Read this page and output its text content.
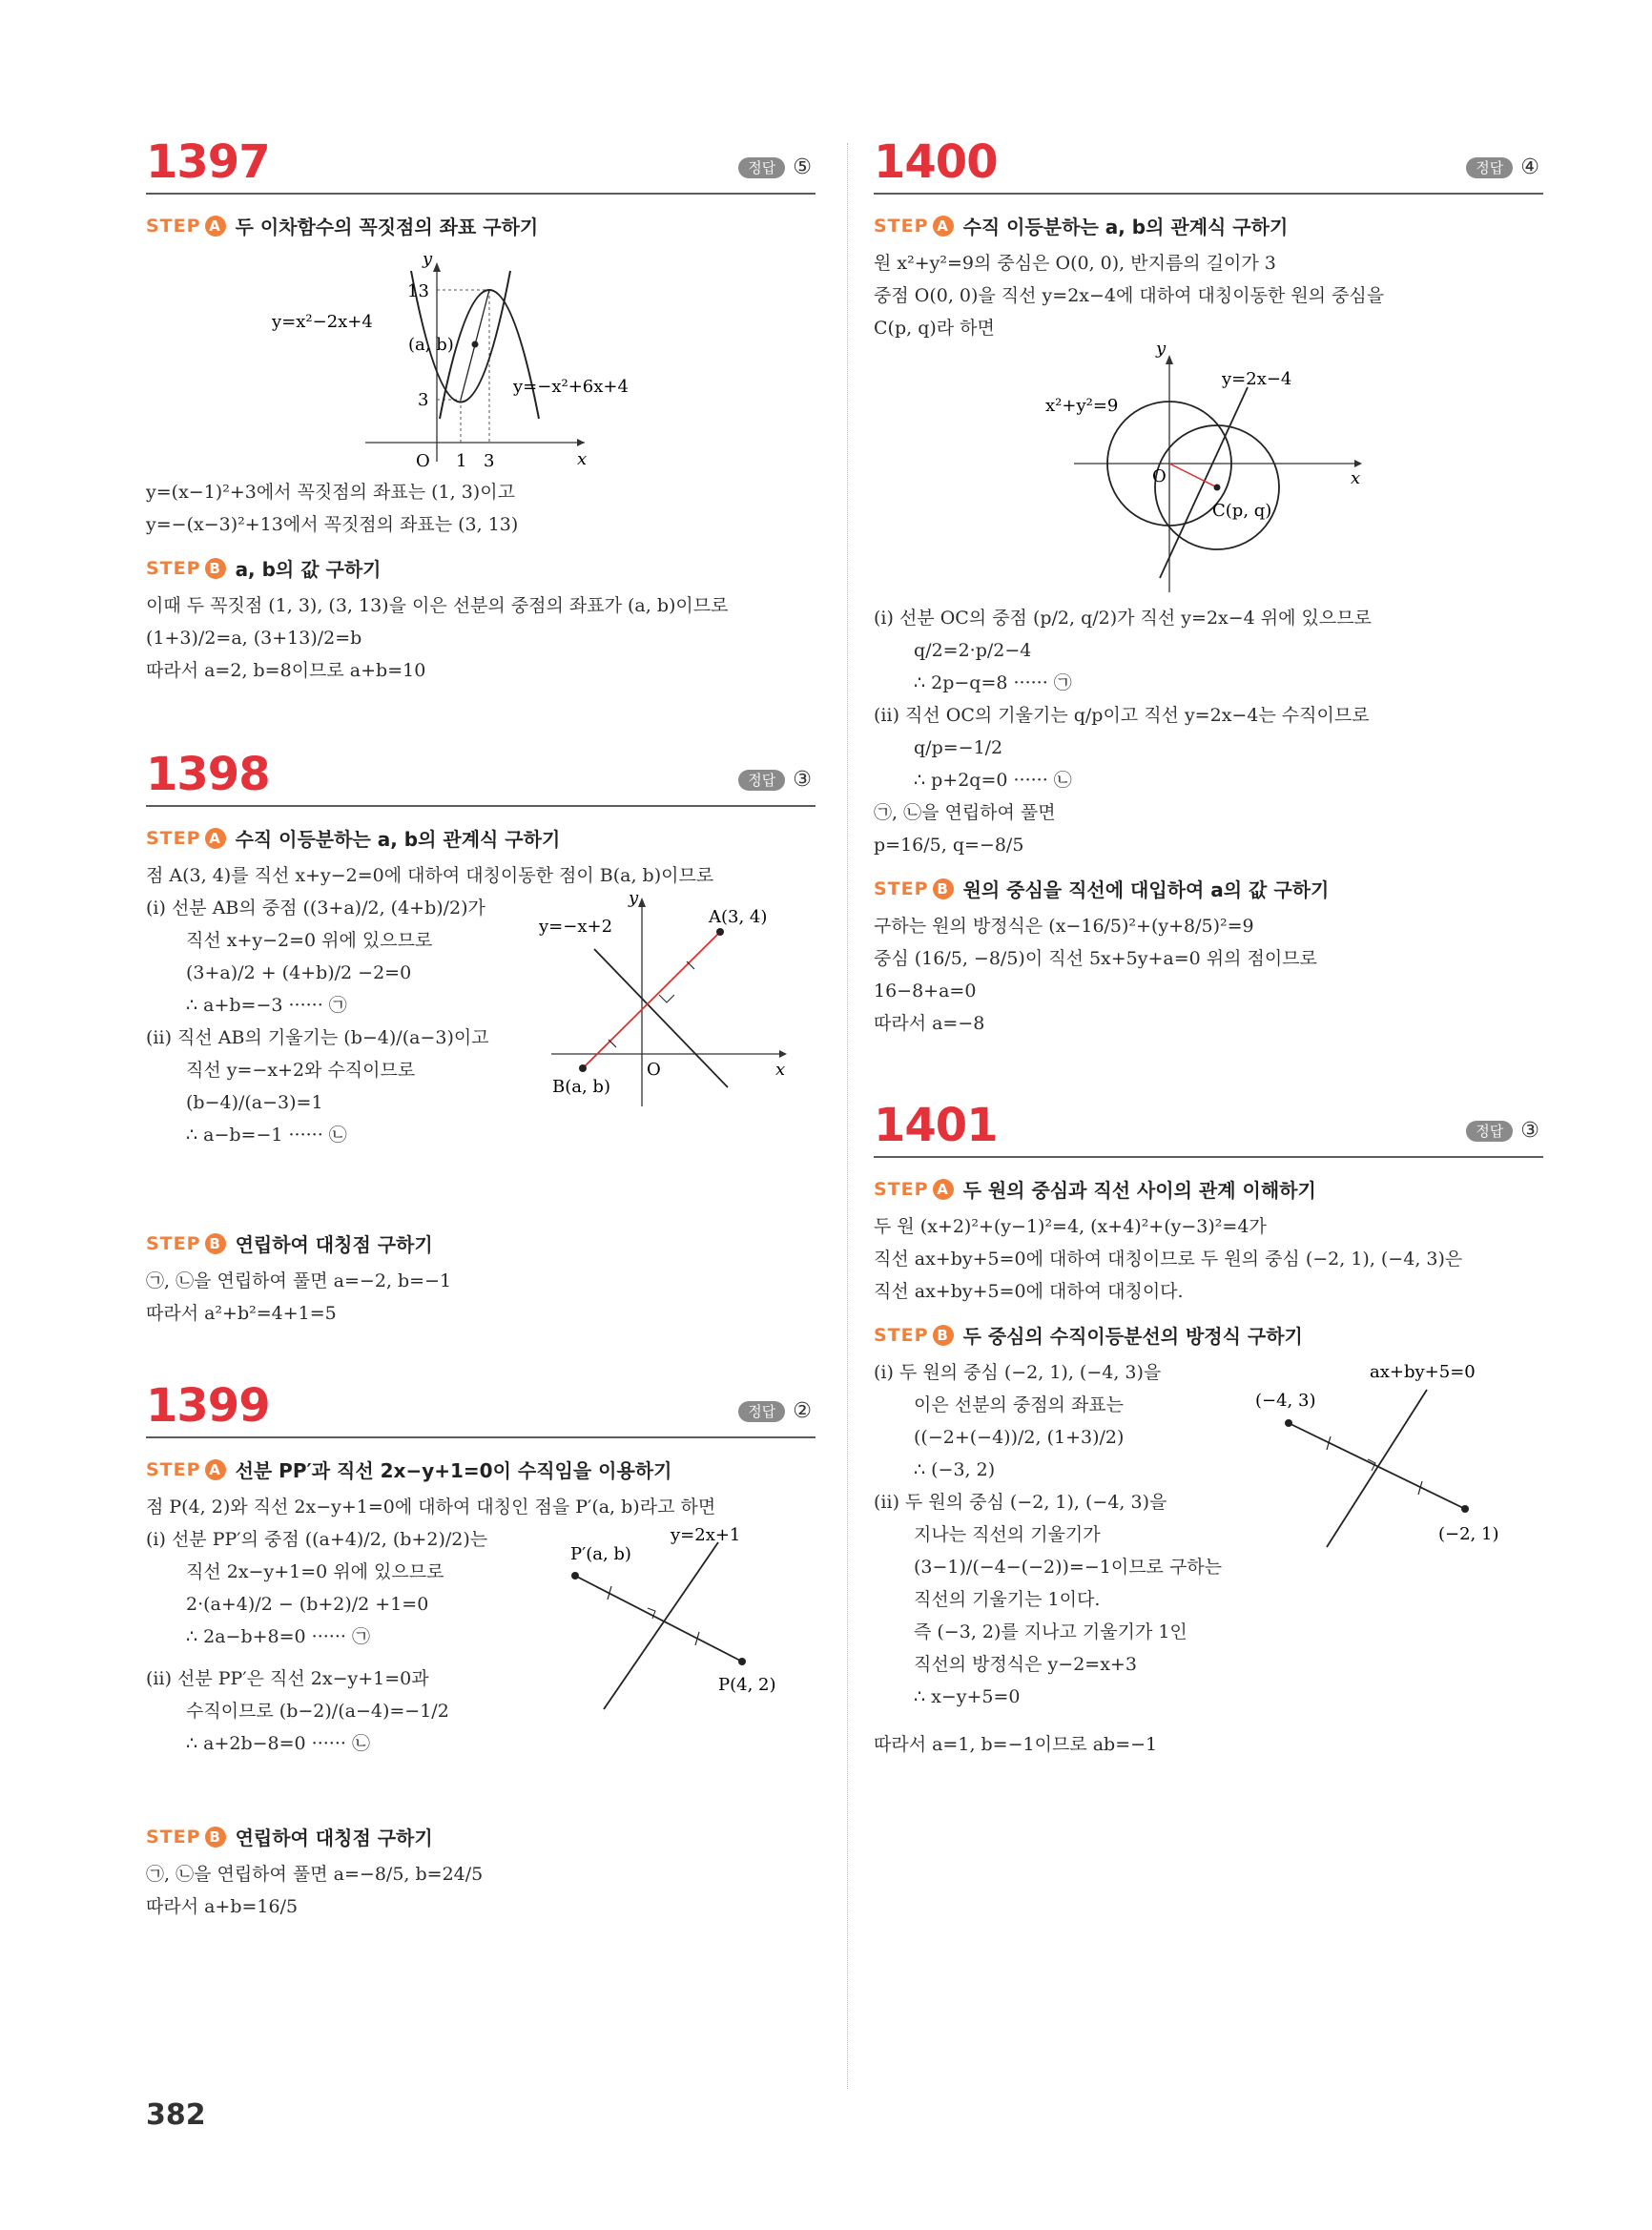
1397	정답 ⑤
STEP A 두 이차함수의 꼭짓점의 좌표 구하기
y
x
O
13
3
1 3
y=x²−2x+4
y=−x²+6x+4
(a, b)
y=(x−1)²+3에서 꼭짓점의 좌표는 (1, 3)이고
y=−(x−3)²+13에서 꼭짓점의 좌표는 (3, 13)
STEP B a, b의 값 구하기
이때 두 꼭짓점 (1, 3), (3, 13)을 이은 선분의 중점의 좌표가 (a, b)이므로
(1+3)/2=a, (3+13)/2=b
따라서 a=2, b=8이므로 a+b=10
1398	정답 ③
STEP A 수직 이등분하는 a, b의 관계식 구하기
점 A(3, 4)를 직선 x+y−2=0에 대하여 대칭이동한 점이 B(a, b)이므로
(ⅰ) 선분 AB의 중점 ((3+a)/2, (4+b)/2)가
직선 x+y−2=0 위에 있으므로
(3+a)/2 + (4+b)/2 −2=0
∴ a+b=−3 ······ ㉠
(ⅱ) 직선 AB의 기울기는 (b−4)/(a−3)이고
직선 y=−x+2와 수직이므로
(b−4)/(a−3)=1
∴ a−b=−1 ······ ㉡
y
x
O
y=−x+2	A(3, 4)
B(a, b)
STEP B 연립하여 대칭점 구하기
㉠, ㉡을 연립하여 풀면 a=−2, b=−1
따라서 a²+b²=4+1=5
1399	정답 ②
STEP A 선분 PP′과 직선 2x−y+1=0이 수직임을 이용하기
점 P(4, 2)와 직선 2x−y+1=0에 대하여 대칭인 점을 P′(a, b)라고 하면
(ⅰ) 선분 PP′의 중점 ((a+4)/2, (b+2)/2)는
직선 2x−y+1=0 위에 있으므로
2·(a+4)/2 − (b+2)/2 +1=0
∴ 2a−b+8=0 ······ ㉠
(ⅱ) 선분 PP′은 직선 2x−y+1=0과
수직이므로 (b−2)/(a−4)=−1/2
∴ a+2b−8=0 ······ ㉡
y=2x+1
P′(a, b)
P(4, 2)
STEP B 연립하여 대칭점 구하기
㉠, ㉡을 연립하여 풀면 a=−8/5, b=24/5
따라서 a+b=16/5
1400	정답 ④
STEP A 수직 이등분하는 a, b의 관계식 구하기
원 x²+y²=9의 중심은 O(0, 0), 반지름의 길이가 3
중점 O(0, 0)을 직선 y=2x−4에 대하여 대칭이동한 원의 중심을
C(p, q)라 하면
y
x
O
x²+y²=9
y=2x−4
C(p, q)
(ⅰ) 선분 OC의 중점 (p/2, q/2)가 직선 y=2x−4 위에 있으므로
q/2=2·p/2−4
∴ 2p−q=8 ······ ㉠
(ⅱ) 직선 OC의 기울기는 q/p이고 직선 y=2x−4는 수직이므로
q/p=−1/2
∴ p+2q=0 ······ ㉡
㉠, ㉡을 연립하여 풀면
p=16/5, q=−8/5
STEP B 원의 중심을 직선에 대입하여 a의 값 구하기
구하는 원의 방정식은 (x−16/5)²+(y+8/5)²=9
중심 (16/5, −8/5)이 직선 5x+5y+a=0 위의 점이므로
16−8+a=0
따라서 a=−8
1401	정답 ③
STEP A 두 원의 중심과 직선 사이의 관계 이해하기
두 원 (x+2)²+(y−1)²=4, (x+4)²+(y−3)²=4가
직선 ax+by+5=0에 대하여 대칭이므로 두 원의 중심 (−2, 1), (−4, 3)은
직선 ax+by+5=0에 대하여 대칭이다.
STEP B 두 중심의 수직이등분선의 방정식 구하기
(ⅰ) 두 원의 중심 (−2, 1), (−4, 3)을
이은 선분의 중점의 좌표는
((−2+(−4))/2, (1+3)/2)
∴ (−3, 2)
(ⅱ) 두 원의 중심 (−2, 1), (−4, 3)을
지나는 직선의 기울기가
(3−1)/(−4−(−2))=−1이므로 구하는
직선의 기울기는 1이다.
즉 (−3, 2)를 지나고 기울기가 1인
직선의 방정식은 y−2=x+3
∴ x−y+5=0
ax+by+5=0
(−4, 3)
(−2, 1)
따라서 a=1, b=−1이므로 ab=−1
382
